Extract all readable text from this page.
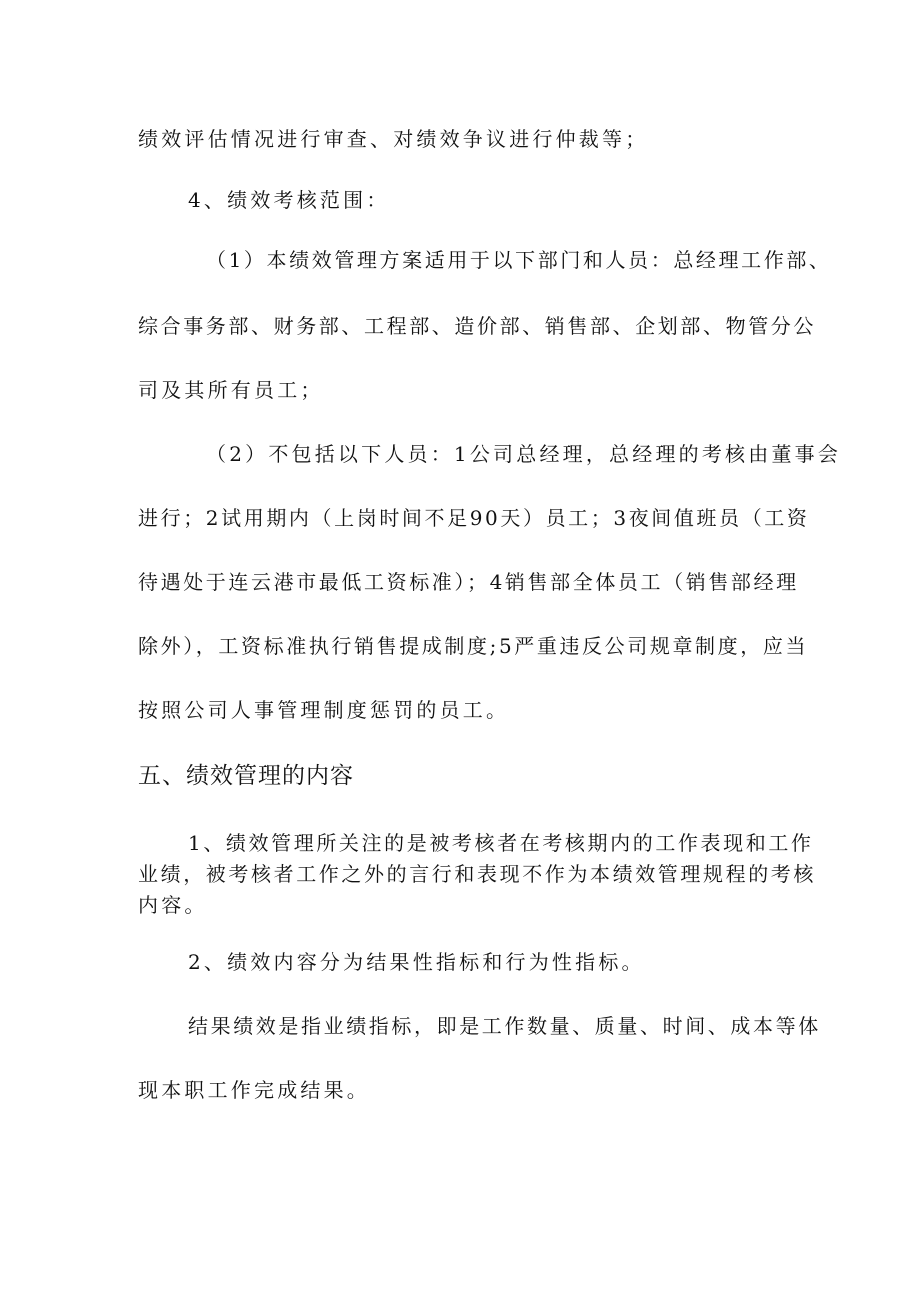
绩效评估情况进行审查、对绩效争议进行仲裁等；
4、绩效考核范围：
（1）本绩效管理方案适用于以下部门和人员：总经理工作部、
综合事务部、财务部、工程部、造价部、销售部、企划部、物管分公
司及其所有员工；
（2）不包括以下人员：1公司总经理，总经理的考核由董事会
进行；2试用期内（上岗时间不足90天）员工；3夜间值班员（工资
待遇处于连云港市最低工资标准）；4销售部全体员工（销售部经理
除外），工资标准执行销售提成制度;5严重违反公司规章制度，应当
按照公司人事管理制度惩罚的员工。
五、绩效管理的内容
1、绩效管理所关注的是被考核者在考核期内的工作表现和工作
业绩，被考核者工作之外的言行和表现不作为本绩效管理规程的考核
内容。
2、绩效内容分为结果性指标和行为性指标。
结果绩效是指业绩指标，即是工作数量、质量、时间、成本等体
现本职工作完成结果。
